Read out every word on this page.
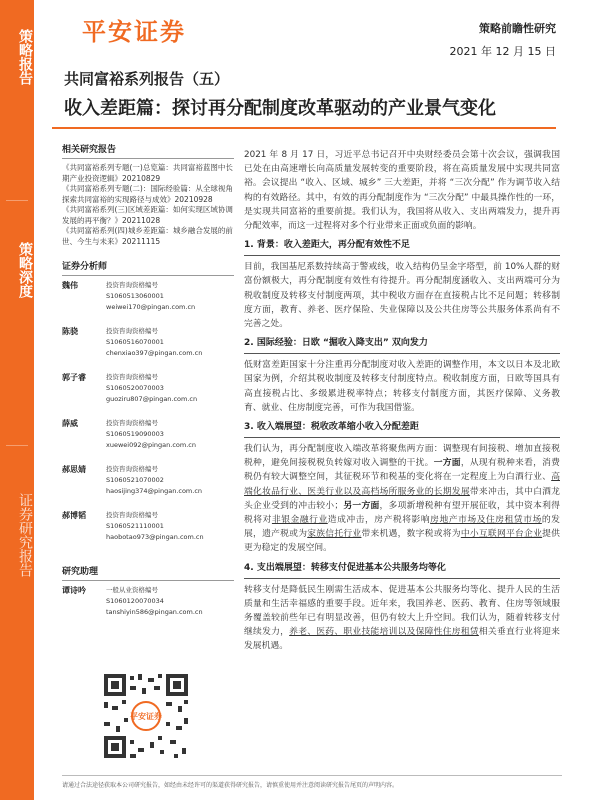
策略报告
策略深度
证券研究报告
平安证券	策略前瞻性研究
2021 年 12 月 15 日
共同富裕系列报告（五）
收入差距篇：探讨再分配制度改革驱动的产业景气变化
相关研究报告
《共同富裕系列专题(一)总览篇：共同富裕蓝图中长期产业投资逻辑》20210829
《共同富裕系列专题(二)：国际经验篇：从全球视角探索共同富裕的实现路径与成效》20210928
《共同富裕系列(三)区域差距篇：如何实现区域协调发展的再平衡？》20211028
《共同富裕系列(四)城乡差距篇：城乡融合发展的前世、今生与未来》20211115
证券分析师
魏伟	投资咨询资格编号
S1060513060001
weiwei170@pingan.com.cn
陈骁	投资咨询资格编号
S1060516070001
chenxiao397@pingan.com.cn
郭子睿	投资咨询资格编号
S1060520070003
guoziru807@pingan.com.cn
薛威	投资咨询资格编号
S1060519090003
xuewei092@pingan.com.cn
郝思婧	投资咨询资格编号
S1060521070002
haosijing374@pingan.com.cn
郝博韬	投资咨询资格编号
S1060521110001
haobotao973@pingan.com.cn
研究助理
谭诗吟	一般从业资格编号
S1060120070034
tanshiyin586@pingan.com.cn
平安证券

2021 年 8 月 17 日，习近平总书记召开中央财经委员会第十次会议，强调我国已处在由高速增长向高质量发展转变的重要阶段，将在高质量发展中实现共同富裕。会议提出 “收入、区域、城乡” 三大差距，并将 “三次分配” 作为调节收入结构的有效路径。其中，有效的再分配制度作为 “三次分配” 中最具操作性的一环，是实现共同富裕的重要前提。我们认为，我国将从收入、支出两端发力，提升再分配效率，而这一过程将对多个行业带来正面或负面的影响。

1. 背景：收入差距大，再分配有效性不足

目前，我国基尼系数持续高于警戒线，收入结构仍呈金字塔型，前 10%人群的财富份额极大，再分配制度有效性有待提升。再分配制度涵收入、支出两端可分为税收制度及转移支付制度两项，其中税收方面存在直接税占比不足问题；转移制度方面，教育、养老、医疗保险、失业保障以及公共住房等公共服务体系尚有不完善之处。

2. 国际经验：日欧 “掘收入降支出” 双向发力

低财富差距国家十分注重再分配制度对收入差距的调整作用，本文以日本及北欧国家为例，介绍其税收制度及转移支付制度特点。税收制度方面，日欧等国具有高直接税占比、多级累进税率特点；转移支付制度方面，其医疗保障、义务教育、就业、住房制度完善，可作为我国借鉴。

3. 收入端展望：税收改革缩小收入分配差距

我们认为，再分配制度收入端改革将聚焦两方面：调整现有间接税、增加直接税税种，避免间接税税负转嫁对收入调整的干扰。一方面，从现有税种来看，消费税仍有较大调整空间，其征税环节和税基的变化将在一定程度上为白酒行业、高端化妆品行业、医美行业以及高档场所服务业的长期发展带来冲击，其中白酒龙头企业受到的冲击较小；另一方面，多项新增税种有望开展征收，其中资本利得税将对非银金融行业造成冲击，房产税将影响房地产市场及住房租赁市场的发展，遗产税或为家族信托行业带来机遇，数字税或将为中小互联网平台企业提供更为稳定的发展空间。

4. 支出端展望：转移支付促进基本公共服务均等化

转移支付是降低民生刚需生活成本、促进基本公共服务均等化、提升人民的生活质量和生活幸福感的重要手段。近年来，我国养老、医药、教育、住房等领域服务覆盖较前些年已有明显改善，但仍有较大上升空间。我们认为，随着转移支付继续发力，养老、医药、职业技能培训以及保障性住房租赁相关垂直行业将迎来发展机遇。

请通过合法途径获取本公司研究报告，如经由未经许可的渠道获得研究报告，请慎重使用并注意阅读研究报告尾页的声明内容。
